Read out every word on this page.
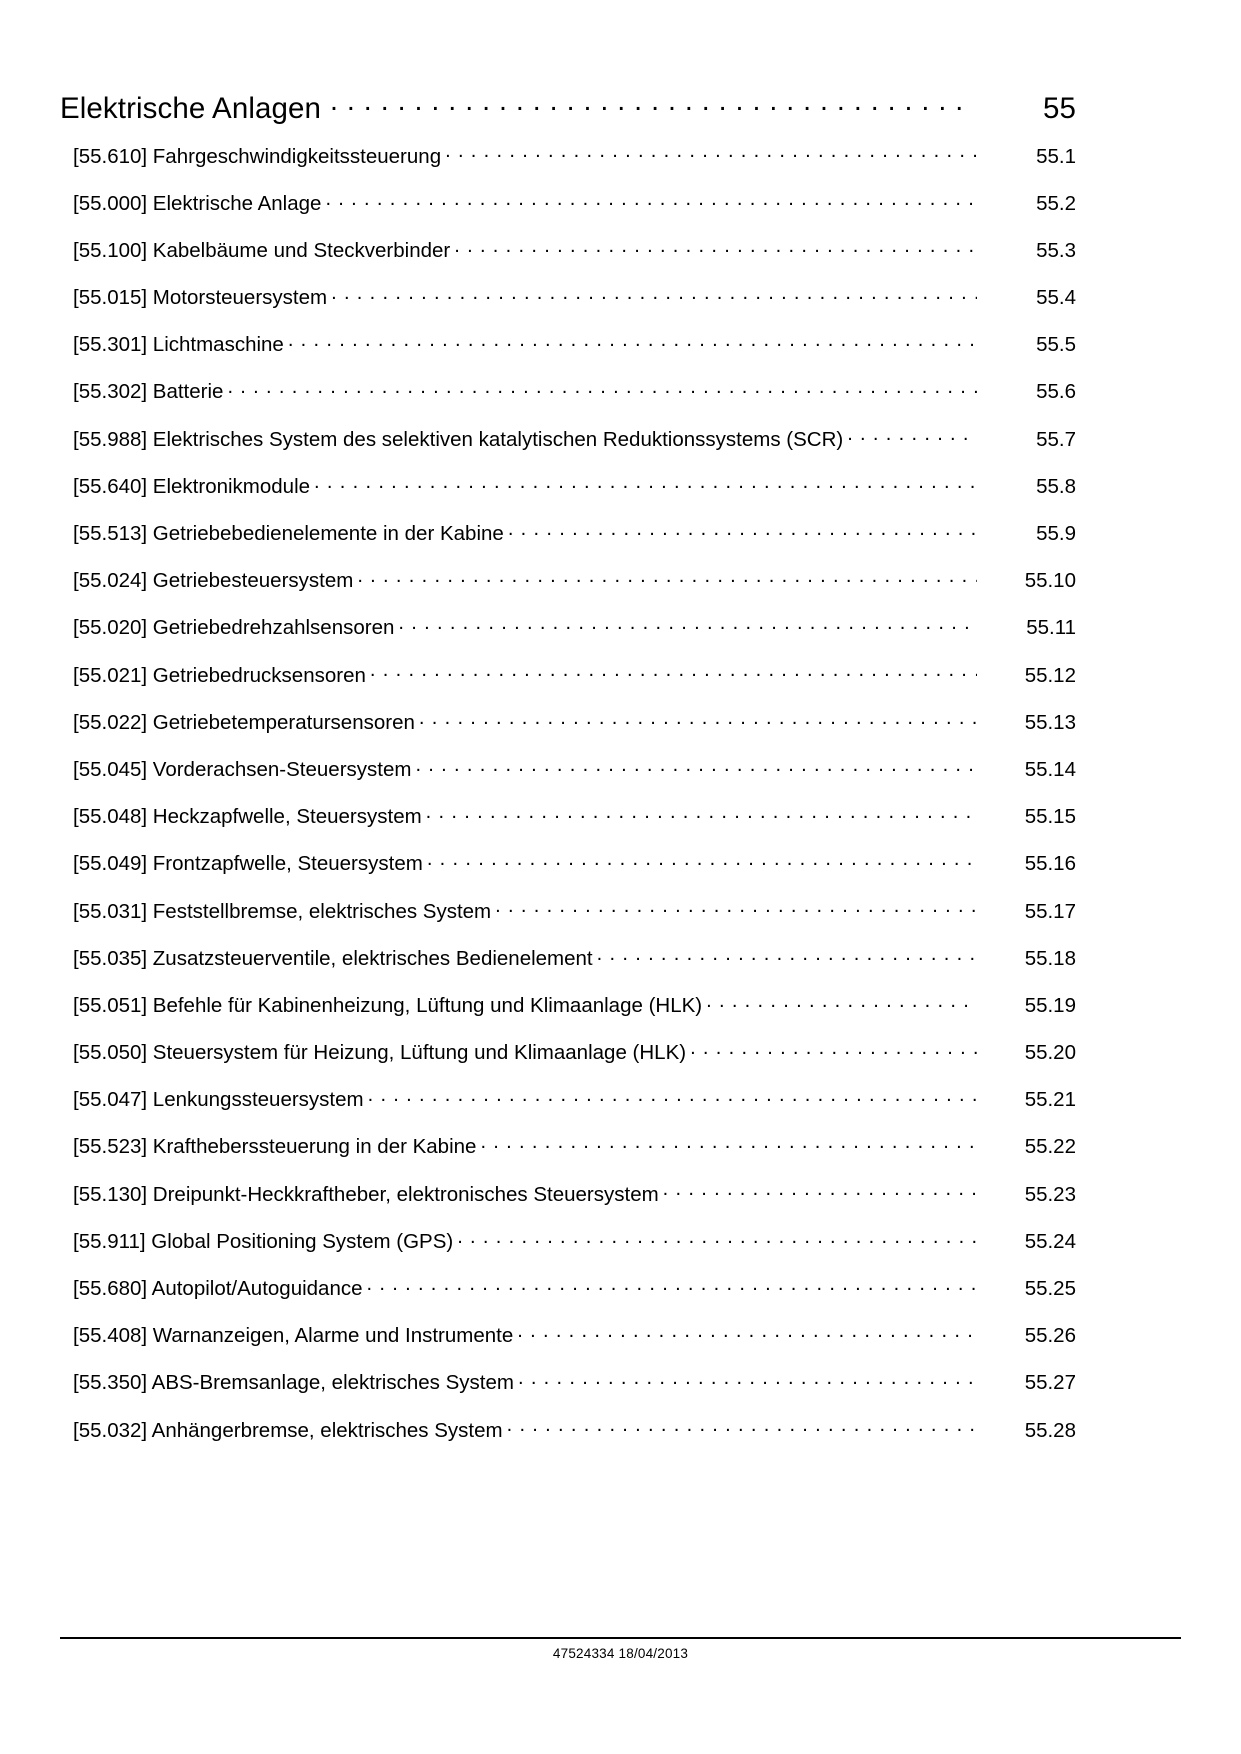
Elektrische Anlagen . . .	55
[55.610] Fahrgeschwindigkeitssteuerung . . .	55.1
[55.000] Elektrische Anlage . . .	55.2
[55.100] Kabelbäume und Steckverbinder . . .	55.3
[55.015] Motorsteuersystem . . .	55.4
[55.301] Lichtmaschine . . .	55.5
[55.302] Batterie . . .	55.6
[55.988] Elektrisches System des selektiven katalytischen Reduktionssystems (SCR) . . .	55.7
[55.640] Elektronikmodule . . .	55.8
[55.513] Getriebebedienelemente in der Kabine . . .	55.9
[55.024] Getriebesteuersystem . . .	55.10
[55.020] Getriebedrehzahlsensoren . . .	55.11
[55.021] Getriebedrucksensoren . . .	55.12
[55.022] Getriebetemperatursensoren . . .	55.13
[55.045] Vorderachsen-Steuersystem . . .	55.14
[55.048] Heckzapfwelle, Steuersystem . . .	55.15
[55.049] Frontzapfwelle, Steuersystem . . .	55.16
[55.031] Feststellbremse, elektrisches System . . .	55.17
[55.035] Zusatzsteuerventile, elektrisches Bedienelement . . .	55.18
[55.051] Befehle für Kabinenheizung, Lüftung und Klimaanlage (HLK) . . .	55.19
[55.050] Steuersystem für Heizung, Lüftung und Klimaanlage (HLK) . . .	55.20
[55.047] Lenkungssteuersystem . . .	55.21
[55.523] Kraftheberssteuerung in der Kabine . . .	55.22
[55.130] Dreipunkt-Heckkraftheber, elektronisches Steuersystem . . .	55.23
[55.911] Global Positioning System (GPS) . . .	55.24
[55.680] Autopilot/Autoguidance . . .	55.25
[55.408] Warnanzeigen, Alarme und Instrumente . . .	55.26
[55.350] ABS-Bremsanlage, elektrisches System . . .	55.27
[55.032] Anhängerbremse, elektrisches System . . .	55.28
47524334 18/04/2013
